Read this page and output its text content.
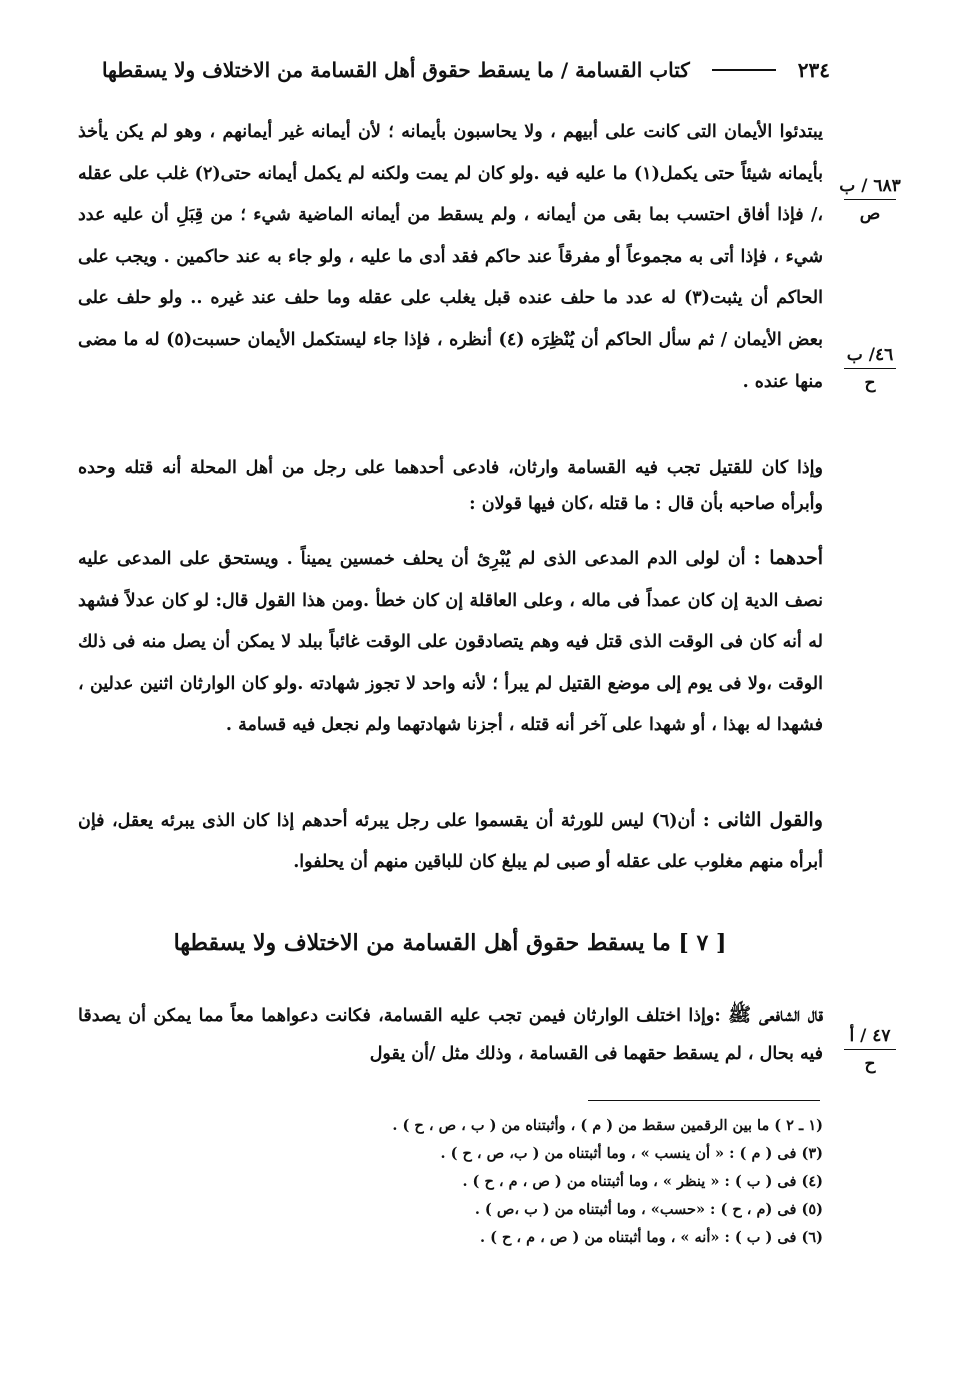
٢٣٤
كتاب القسامة / ما يسقط حقوق أهل القسامة من الاختلاف ولا يسقطها
٦٨٣ / ب
ص
٤٦/ ب
ح
٤٧ / أ
ح
يبتدئوا الأيمان التى كانت على أبيهم ، ولا يحاسبون بأيمانه ؛ لأن أيمانه غير أيمانهم ، وهو لم يكن يأخذ بأيمانه شيئاً حتى يكمل(١) ما عليه فيه .ولو كان لم يمت ولكنه لم يكمل أيمانه حتى(٢) غلب على عقله ،/ فإذا أفاق احتسب بما بقى من أيمانه ، ولم يسقط من أيمانه الماضية شيء ؛ من قِبَلِ أن عليه عدد شيء ، فإذا أتى به مجموعاً أو مفرقاً عند حاكم فقد أدى ما عليه ، ولو جاء به عند حاكمين . ويجب على الحاكم أن يثبت(٣) له عدد ما حلف عنده قبل يغلب على عقله وما حلف عند غيره .. ولو حلف على بعض الأيمان / ثم سأل الحاكم أن يُنْظِرَه (٤) أنظره ، فإذا جاء ليستكمل الأيمان حسبت(٥) له ما مضى منها عنده .
وإذا كان للقتيل تجب فيه القسامة وارثان، فادعى أحدهما على رجل من أهل المحلة أنه قتله وحده وأبرأه صاحبه بأن قال : ما قتله ،كان فيها قولان :
أحدهما : أن لولى الدم المدعى الذى لم يُبْرِئ أن يحلف خمسين يميناً . ويستحق على المدعى عليه نصف الدية إن كان عمداً فى ماله ، وعلى العاقلة إن كان خطأ .ومن هذا القول قال: لو كان عدلاً فشهد له أنه كان فى الوقت الذى قتل فيه وهم يتصادقون على الوقت غائباً ببلد لا يمكن أن يصل منه فى ذلك الوقت ،ولا فى يوم إلى موضع القتيل لم يبرأ ؛ لأنه واحد لا تجوز شهادته .ولو كان الوارثان اثنين عدلين ، فشهدا له بهذا ، أو شهدا على آخر أنه قتله ، أجزنا شهادتهما ولم نجعل فيه قسامة .
والقول الثانى : أن(٦) ليس للورثة أن يقسموا على رجل يبرئه أحدهم إذا كان الذى يبرئه يعقل، فإن أبرأه منهم مغلوب على عقله أو صبى لم يبلغ كان للباقين منهم أن يحلفوا.
[ ٧ ] ما يسقط حقوق أهل القسامة من الاختلاف ولا يسقطها
قال الشافعى ﷺ :وإذا اختلف الوارثان فيمن تجب عليه القسامة، فكانت دعواهما معاً مما يمكن أن يصدقا فيه بحال ، لم يسقط حقهما فى القسامة ، وذلك مثل /أن يقول
(١ ـ ٢ ) ما بين الرقمين سقط من ( م ) ، وأثبتناه من ( ب ، ص ، ح ) .
(٣) فى ( م ) : « أن ينسب » ، وما أثبتناه من ( ب، ص ، ح ) .
(٤) فى ( ب ) : « ينظر » ، وما أثبتناه من ( ص ، م ، ح ) .
(٥) فى (م ، ح ) : «حسب» ، وما أثبتناه من ( ب ،ص ) .
(٦) فى ( ب ) : «أنه » ، وما أثبتناه من ( ص ، م ، ح ) .
